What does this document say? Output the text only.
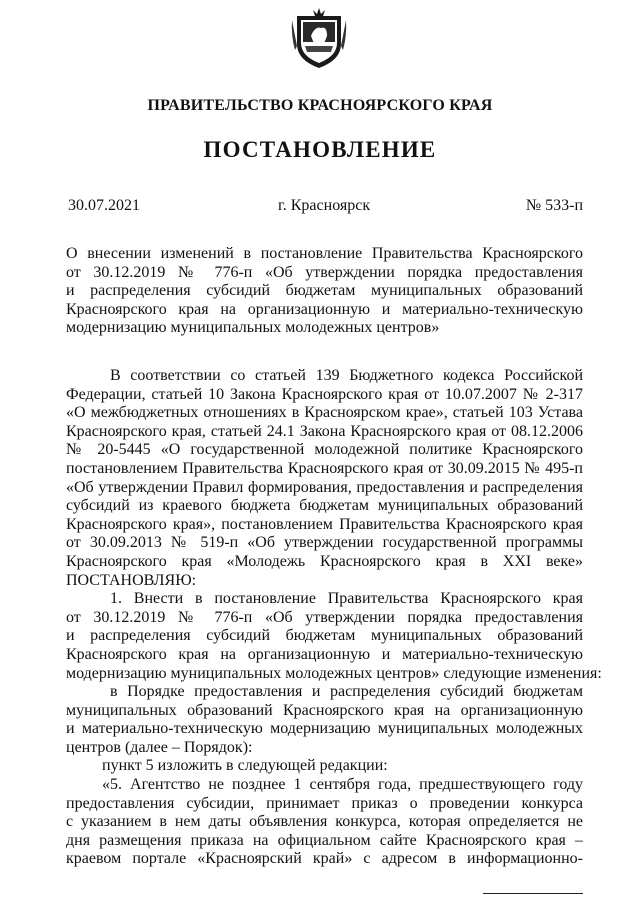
ПРАВИТЕЛЬСТВО КРАСНОЯРСКОГО КРАЯ
ПОСТАНОВЛЕНИЕ
30.07.2021	г. Красноярск	№ 533-п
О внесении изменений в постановление Правительства Красноярского
от 30.12.2019 № 776-п «Об утверждении порядка предоставления
и распределения субсидий бюджетам муниципальных образований
Красноярского края на организационную и материально-техническую
модернизацию муниципальных молодежных центров»
В соответствии со статьей 139 Бюджетного кодекса Российской
Федерации, статьей 10 Закона Красноярского края от 10.07.2007 № 2-317
«О межбюджетных отношениях в Красноярском крае», статьей 103 Устава
Красноярского края, статьей 24.1 Закона Красноярского края от 08.12.2006
№ 20-5445 «О государственной молодежной политике Красноярского
постановлением Правительства Красноярского края от 30.09.2015 № 495-п
«Об утверждении Правил формирования, предоставления и распределения
субсидий из краевого бюджета бюджетам муниципальных образований
Красноярского края», постановлением Правительства Красноярского края
от 30.09.2013 № 519-п «Об утверждении государственной программы
Красноярского края «Молодежь Красноярского края в XXI веке»
ПОСТАНОВЛЯЮ:
1. Внести в постановление Правительства Красноярского края
от 30.12.2019 № 776-п «Об утверждении порядка предоставления
и распределения субсидий бюджетам муниципальных образований
Красноярского края на организационную и материально-техническую
модернизацию муниципальных молодежных центров» следующие изменения:
в Порядке предоставления и распределения субсидий бюджетам
муниципальных образований Красноярского края на организационную
и материально-техническую модернизацию муниципальных молодежных
центров (далее – Порядок):
пункт 5 изложить в следующей редакции:
«5. Агентство не позднее 1 сентября года, предшествующего году
предоставления субсидии, принимает приказ о проведении конкурса
с указанием в нем даты объявления конкурса, которая определяется не
дня размещения приказа на официальном сайте Красноярского края –
краевом портале «Красноярский край» с адресом в информационно-
